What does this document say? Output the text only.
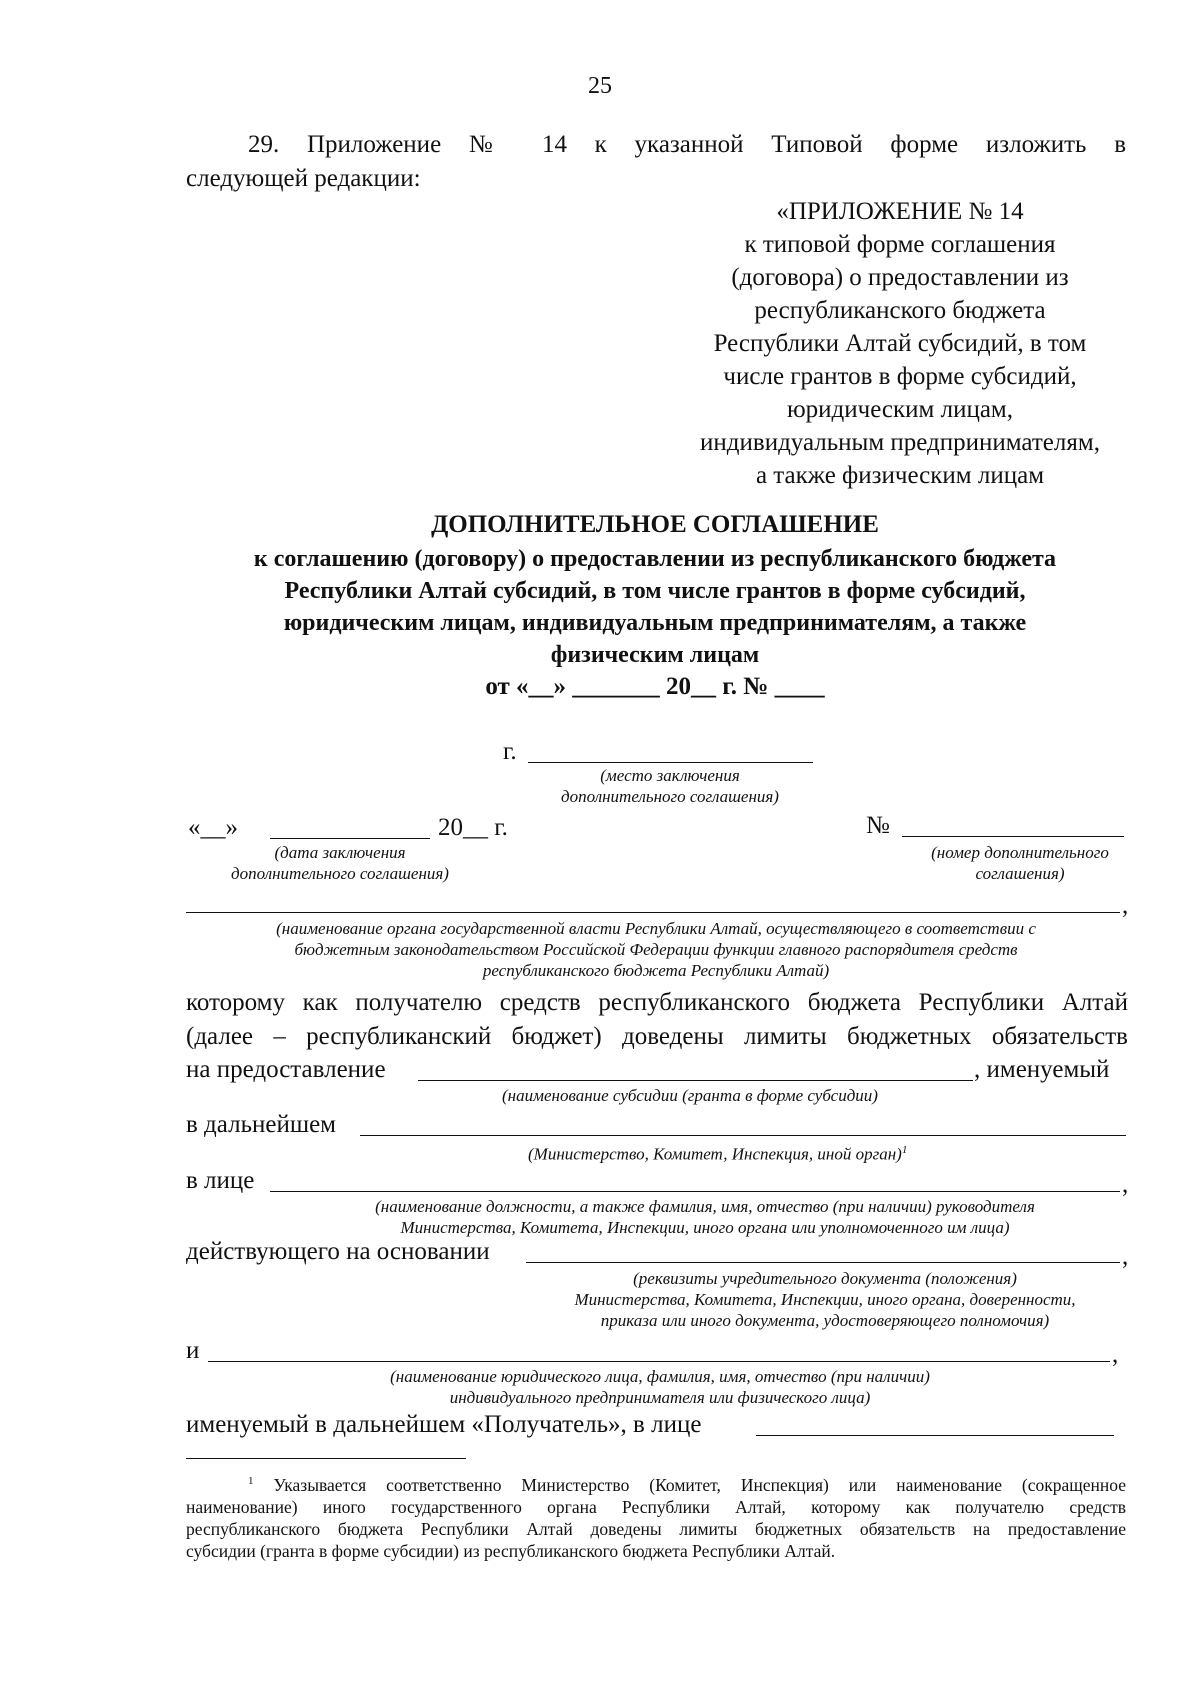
25
29. Приложение № 14 к указанной Типовой форме изложить в
следующей редакции:
«ПРИЛОЖЕНИЕ № 14
к типовой форме соглашения
(договора) о предоставлении из
республиканского бюджета
Республики Алтай субсидий, в том
числе грантов в форме субсидий,
юридическим лицам,
индивидуальным предпринимателям,
а также физическим лицам
ДОПОЛНИТЕЛЬНОЕ СОГЛАШЕНИЕ
к соглашению (договору) о предоставлении из республиканского бюджета
Республики Алтай субсидий, в том числе грантов в форме субсидий,
юридическим лицам, индивидуальным предпринимателям, а также
физическим лицам
от «__» _______ 20__ г. № ____
г.
(место заключения
дополнительного соглашения)
«__»	20__ г.
(дата заключения
дополнительного соглашения)
№
(номер дополнительного
соглашения)
,
(наименование органа государственной власти Республики Алтай, осуществляющего в соответствии с
бюджетным законодательством Российской Федерации функции главного распорядителя средств
республиканского бюджета Республики Алтай)
которому как получателю средств республиканского бюджета Республики Алтай
(далее – республиканский бюджет) доведены лимиты бюджетных обязательств
на предоставление	, именуемый
(наименование субсидии (гранта в форме субсидии)
в дальнейшем
(Министерство, Комитет, Инспекция, иной орган)$^1$
в лице	,
(наименование должности, а также фамилия, имя, отчество (при наличии) руководителя
Министерства, Комитета, Инспекции, иного органа или уполномоченного им лица)
действующего на основании	,
(реквизиты учредительного документа (положения)
Министерства, Комитета, Инспекции, иного органа, доверенности,
приказа или иного документа, удостоверяющего полномочия)
и	,
(наименование юридического лица, фамилия, имя, отчество (при наличии)
индивидуального предпринимателя или физического лица)
именуемый в дальнейшем «Получатель», в лице
$^1$ Указывается соответственно Министерство (Комитет, Инспекция) или наименование (сокращенное
наименование) иного государственного органа Республики Алтай, которому как получателю средств
республиканского бюджета Республики Алтай доведены лимиты бюджетных обязательств на предоставление
субсидии (гранта в форме субсидии) из республиканского бюджета Республики Алтай.
